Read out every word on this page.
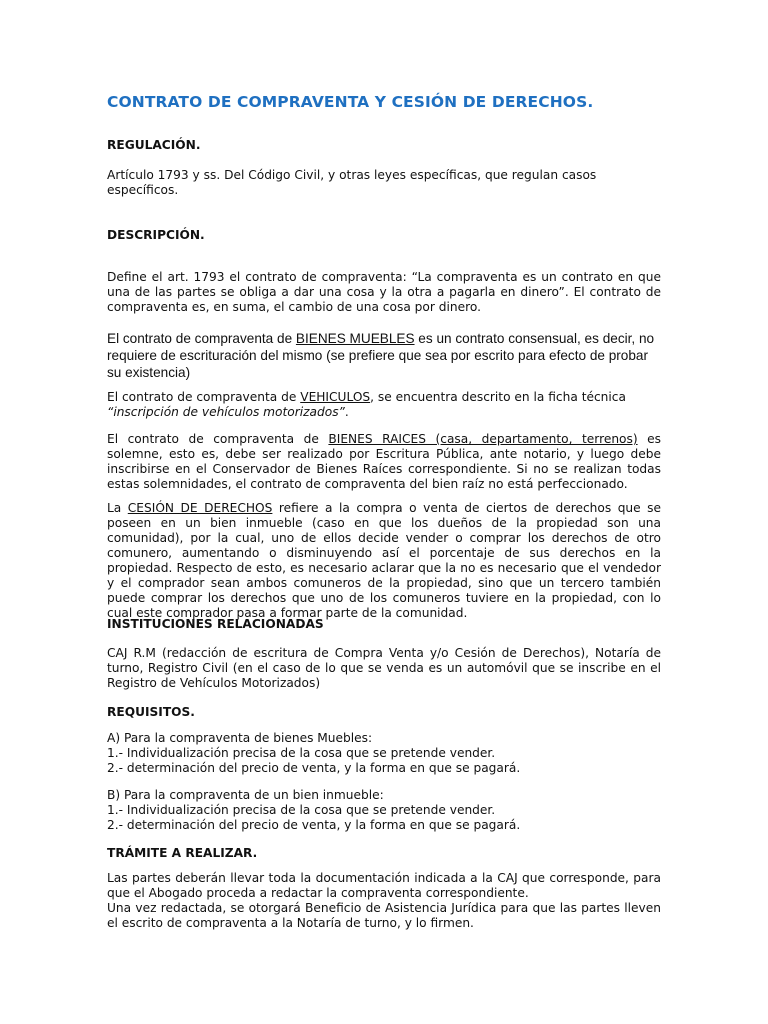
CONTRATO DE COMPRAVENTA Y CESIÓN DE DERECHOS.
REGULACIÓN.

Artículo 1793 y ss. Del Código Civil, y otras leyes específicas, que regulan casos específicos.

DESCRIPCIÓN.

Define el art. 1793 el contrato de compraventa: “La compraventa es un contrato en que una de las partes se obliga a dar una cosa y la otra a pagarla en dinero”. El contrato de compraventa es, en suma, el cambio de una cosa por dinero.

El contrato de compraventa de BIENES MUEBLES es un contrato consensual, es decir, no requiere de escrituración del mismo (se prefiere que sea por escrito para efecto de probar su existencia)

El contrato de compraventa de VEHICULOS, se encuentra descrito en la ficha técnica “inscripción de vehículos motorizados”.

El contrato de compraventa de BIENES RAICES (casa, departamento, terrenos) es solemne, esto es, debe ser realizado por Escritura Pública, ante notario, y luego debe inscribirse en el Conservador de Bienes Raíces correspondiente. Si no se realizan todas estas solemnidades, el contrato de compraventa del bien raíz no está perfeccionado.

La CESIÓN DE DERECHOS refiere a la compra o venta de ciertos de derechos que se poseen en un bien inmueble (caso en que los dueños de la propiedad son una comunidad), por la cual, uno de ellos decide vender o comprar los derechos de otro comunero, aumentando o disminuyendo así el porcentaje de sus derechos en la propiedad. Respecto de esto, es necesario aclarar que la no es necesario que el vendedor y el comprador sean ambos comuneros de la propiedad, sino que un tercero también puede comprar los derechos que uno de los comuneros tuviere en la propiedad, con lo cual este comprador pasa a formar parte de la comunidad.

INSTITUCIONES RELACIONADAS

CAJ R.M (redacción de escritura de Compra Venta y/o Cesión de Derechos), Notaría de turno, Registro Civil (en el caso de lo que se venda es un automóvil que se inscribe en el Registro de Vehículos Motorizados)

REQUISITOS.
A) Para la compraventa de bienes Muebles:
1.- Individualización precisa de la cosa que se pretende vender.
2.- determinación del precio de venta, y la forma en que se pagará.
B) Para la compraventa de un bien inmueble:
1.- Individualización precisa de la cosa que se pretende vender.
2.- determinación del precio de venta, y la forma en que se pagará.
TRÁMITE A REALIZAR.
Las partes deberán llevar toda la documentación indicada a la CAJ que corresponde, para que el Abogado proceda a redactar la compraventa correspondiente.
Una vez redactada, se otorgará Beneficio de Asistencia Jurídica para que las partes lleven el escrito de compraventa a la Notaría de turno, y lo firmen.
